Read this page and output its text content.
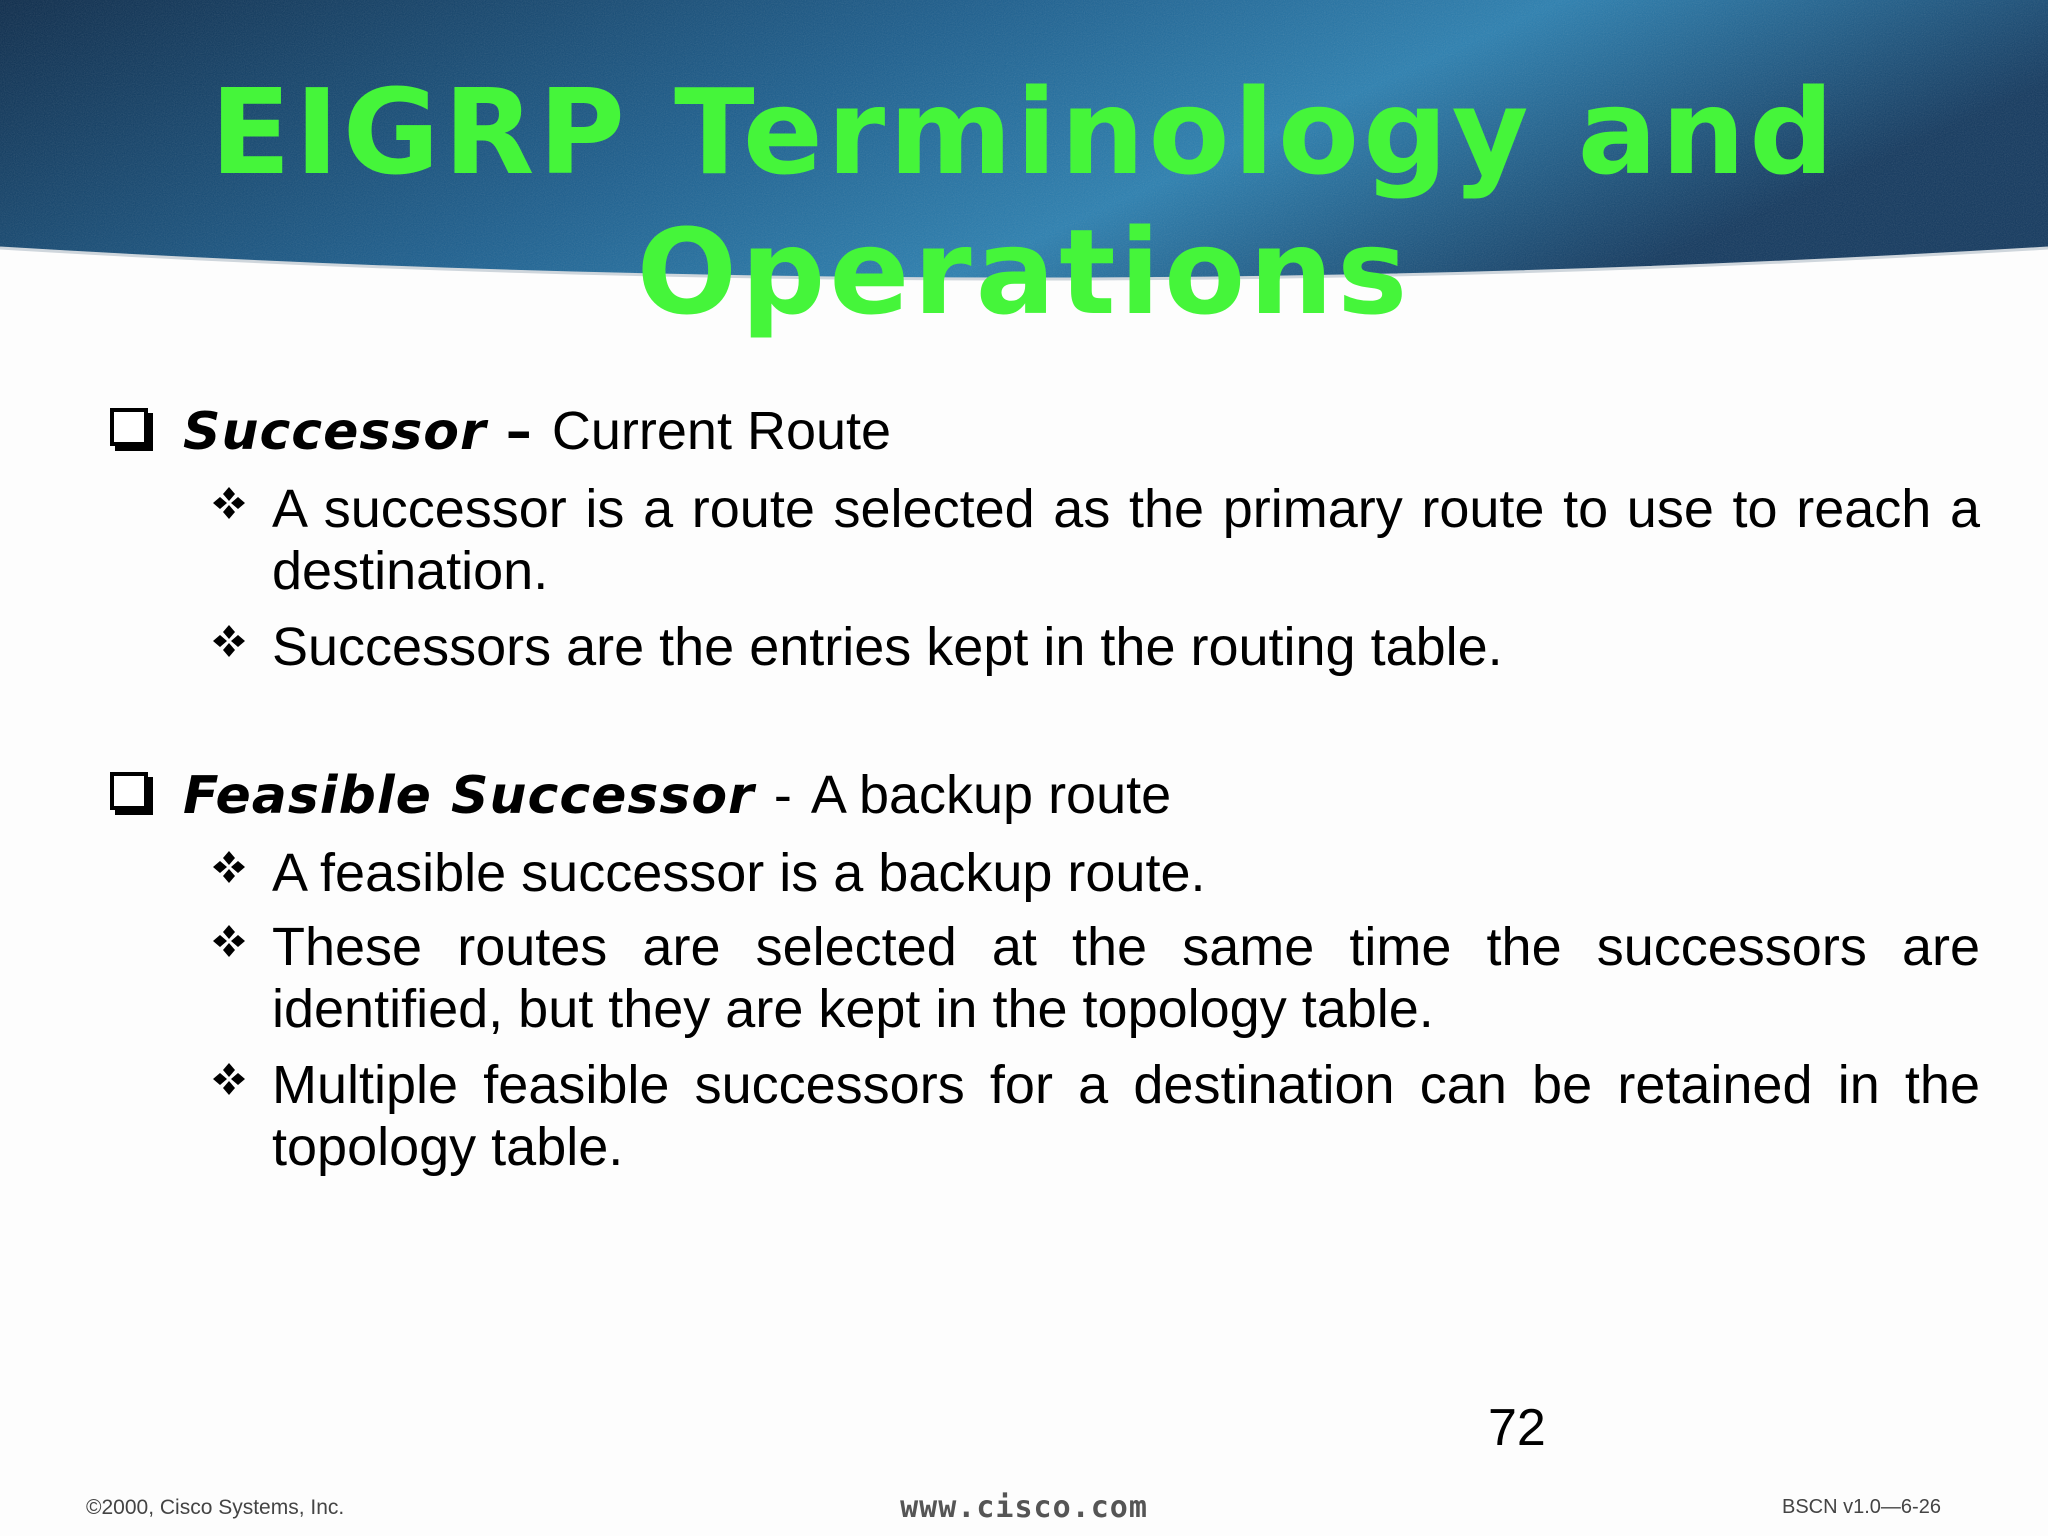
EIGRP Terminology and
Operations
Successor – Current Route
A successor is a route selected as the primary route to use to reach a destination.
Successors are the entries kept in the routing table.
Feasible Successor - A backup route
A feasible successor is a backup route.
These routes are selected at the same time the successors are identified, but they are kept in the topology table.
Multiple feasible successors for a destination can be retained in the topology table.
72
©2000, Cisco Systems, Inc.	www.cisco.com	BSCN v1.0—6-26
